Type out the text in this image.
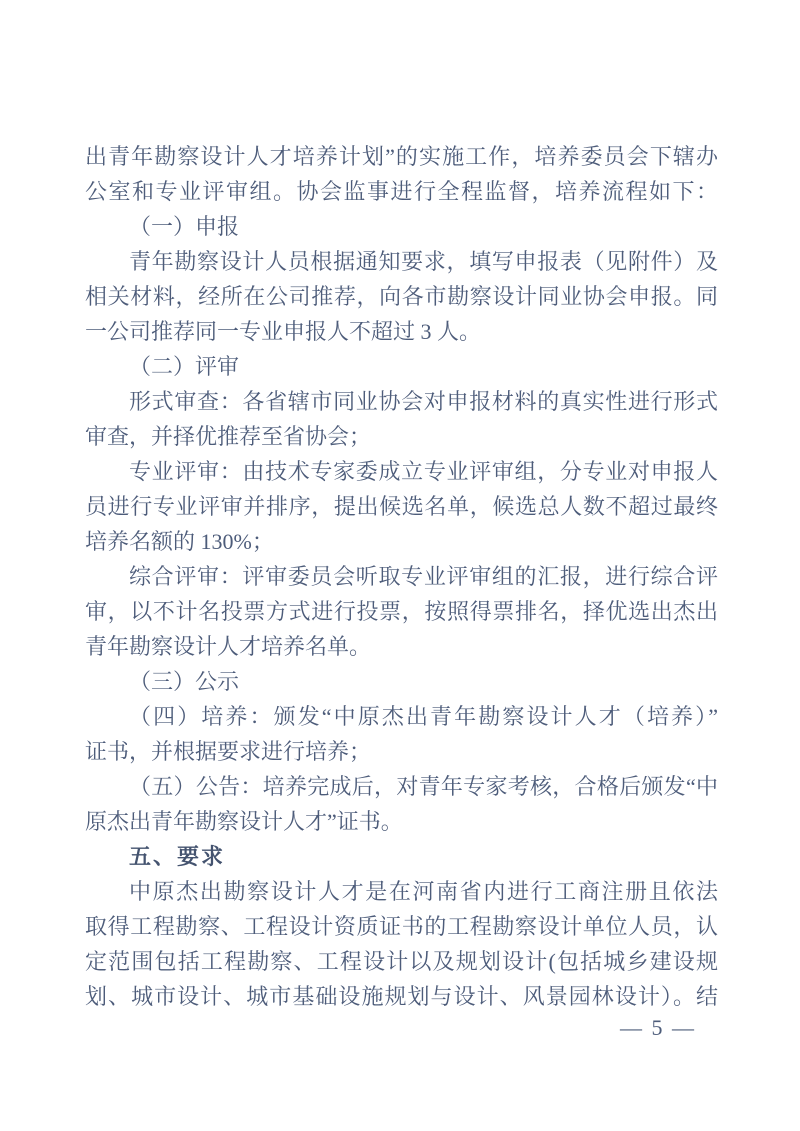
出青年勘察设计人才培养计划”的实施工作，培养委员会下辖办
公室和专业评审组。协会监事进行全程监督，培养流程如下：
（一）申报
青年勘察设计人员根据通知要求，填写申报表（见附件）及
相关材料，经所在公司推荐，向各市勘察设计同业协会申报。同
一公司推荐同一专业申报人不超过 3 人。
（二）评审
形式审查：各省辖市同业协会对申报材料的真实性进行形式
审查，并择优推荐至省协会；
专业评审：由技术专家委成立专业评审组，分专业对申报人
员进行专业评审并排序，提出候选名单，候选总人数不超过最终
培养名额的 130%；
综合评审：评审委员会听取专业评审组的汇报，进行综合评
审，以不计名投票方式进行投票，按照得票排名，择优选出杰出
青年勘察设计人才培养名单。
（三）公示
（四）培养：颁发“中原杰出青年勘察设计人才（培养）”
证书，并根据要求进行培养；
（五）公告：培养完成后，对青年专家考核，合格后颁发“中
原杰出青年勘察设计人才”证书。
五、要求
中原杰出勘察设计人才是在河南省内进行工商注册且依法
取得工程勘察、工程设计资质证书的工程勘察设计单位人员，认
定范围包括工程勘察、工程设计以及规划设计(包括城乡建设规
划、城市设计、城市基础设施规划与设计、风景园林设计）。结
— 5 —
